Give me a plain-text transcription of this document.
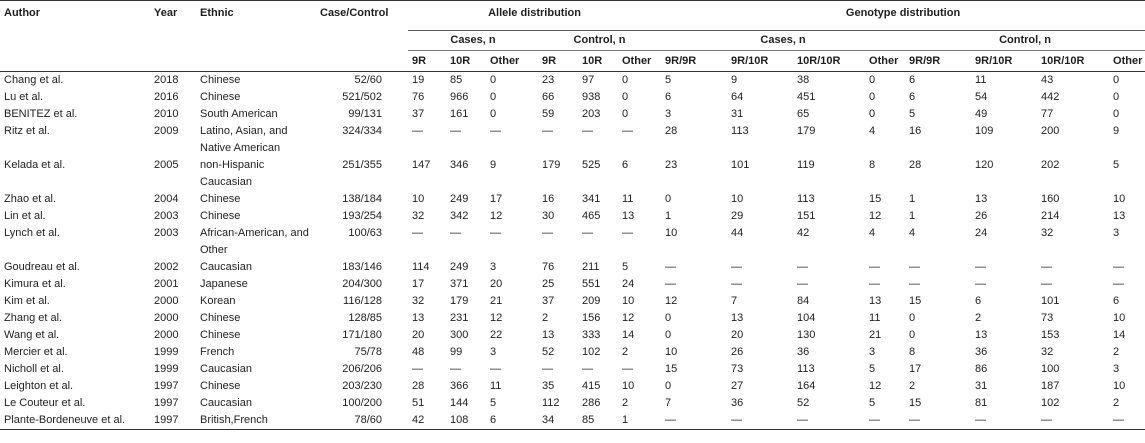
Author	Year	Ethnic	Case/Control	Allele distribution						Genotype distribution							
				Cases, n			Control, n			Cases, n				Control, n			
				9R	10R	Other	9R	10R	Other	9R/9R	9R/10R	10R/10R	Other	9R/9R	9R/10R	10R/10R	Other
Chang et al.	2018	Chinese	52/60	19	85	0	23	97	0	5	9	38	0	6	11	43	0
Lu et al.	2016	Chinese	521/502	76	966	0	66	938	0	6	64	451	0	6	54	442	0
BENITEZ et al.	2010	South American	99/131	37	161	0	59	203	0	3	31	65	0	5	49	77	0
Ritz et al.	2009	Latino, Asian, and Native American	324/334	—	—	—	—	—	—	28	113	179	4	16	109	200	9
Kelada et al.	2005	non-Hispanic Caucasian	251/355	147	346	9	179	525	6	23	101	119	8	28	120	202	5
Zhao et al.	2004	Chinese	138/184	10	249	17	16	341	11	0	10	113	15	1	13	160	10
Lin et al.	2003	Chinese	193/254	32	342	12	30	465	13	1	29	151	12	1	26	214	13
Lynch et al.	2003	African-American, and Other	100/63	—	—	—	—	—	—	10	44	42	4	4	24	32	3
Goudreau et al.	2002	Caucasian	183/146	114	249	3	76	211	5	—	—	—	—	—	—	—	—
Kimura et al.	2001	Japanese	204/300	17	371	20	25	551	24	—	—	—	—	—	—	—	—
Kim et al.	2000	Korean	116/128	32	179	21	37	209	10	12	7	84	13	15	6	101	6
Zhang et al.	2000	Chinese	128/85	13	231	12	2	156	12	0	13	104	11	0	2	73	10
Wang et al.	2000	Chinese	171/180	20	300	22	13	333	14	0	20	130	21	0	13	153	14
Mercier et al.	1999	French	75/78	48	99	3	52	102	2	10	26	36	3	8	36	32	2
Nicholl et al.	1999	Caucasian	206/206	—	—	—	—	—	—	15	73	113	5	17	86	100	3
Leighton et al.	1997	Chinese	203/230	28	366	11	35	415	10	0	27	164	12	2	31	187	10
Le Couteur et al.	1997	Caucasian	100/200	51	144	5	112	286	2	7	36	52	5	15	81	102	2
Plante-Bordeneuve et al.	1997	British,French	78/60	42	108	6	34	85	1	—	—	—	—	—	—	—	—
